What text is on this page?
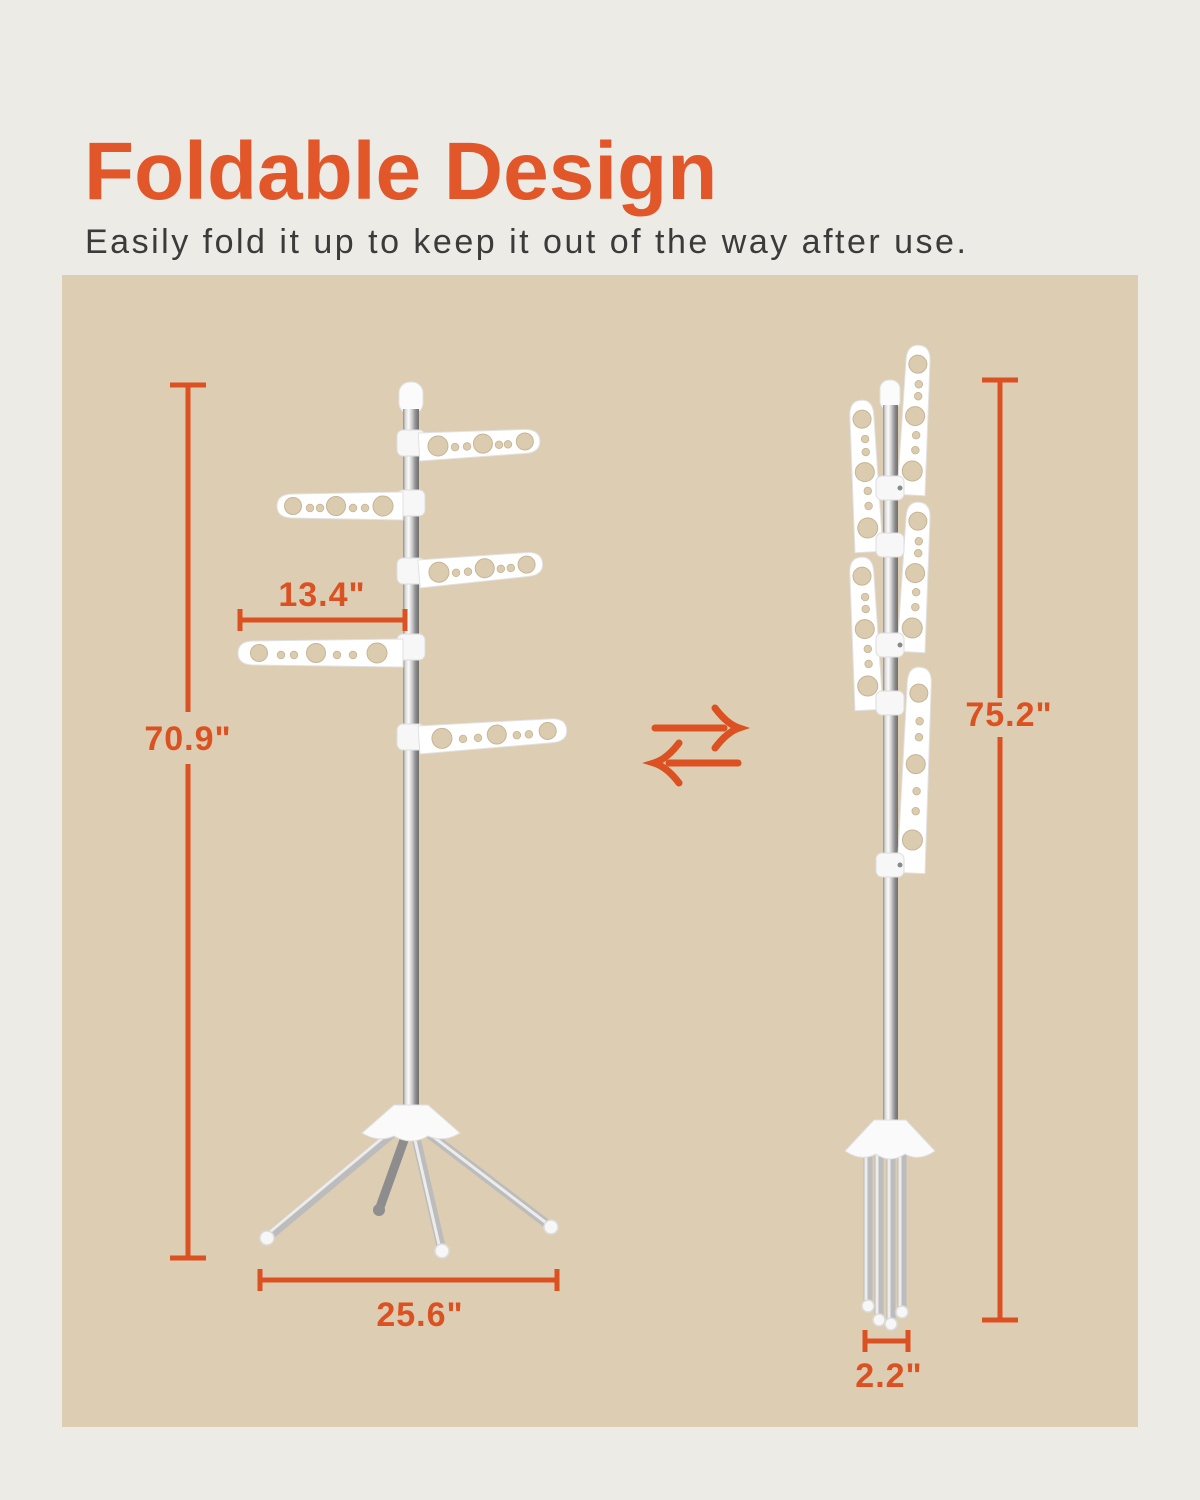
Foldable Design

Easily fold it up to keep it out of the way after use.

70.9"
13.4"
25.6"
75.2"
2.2"
